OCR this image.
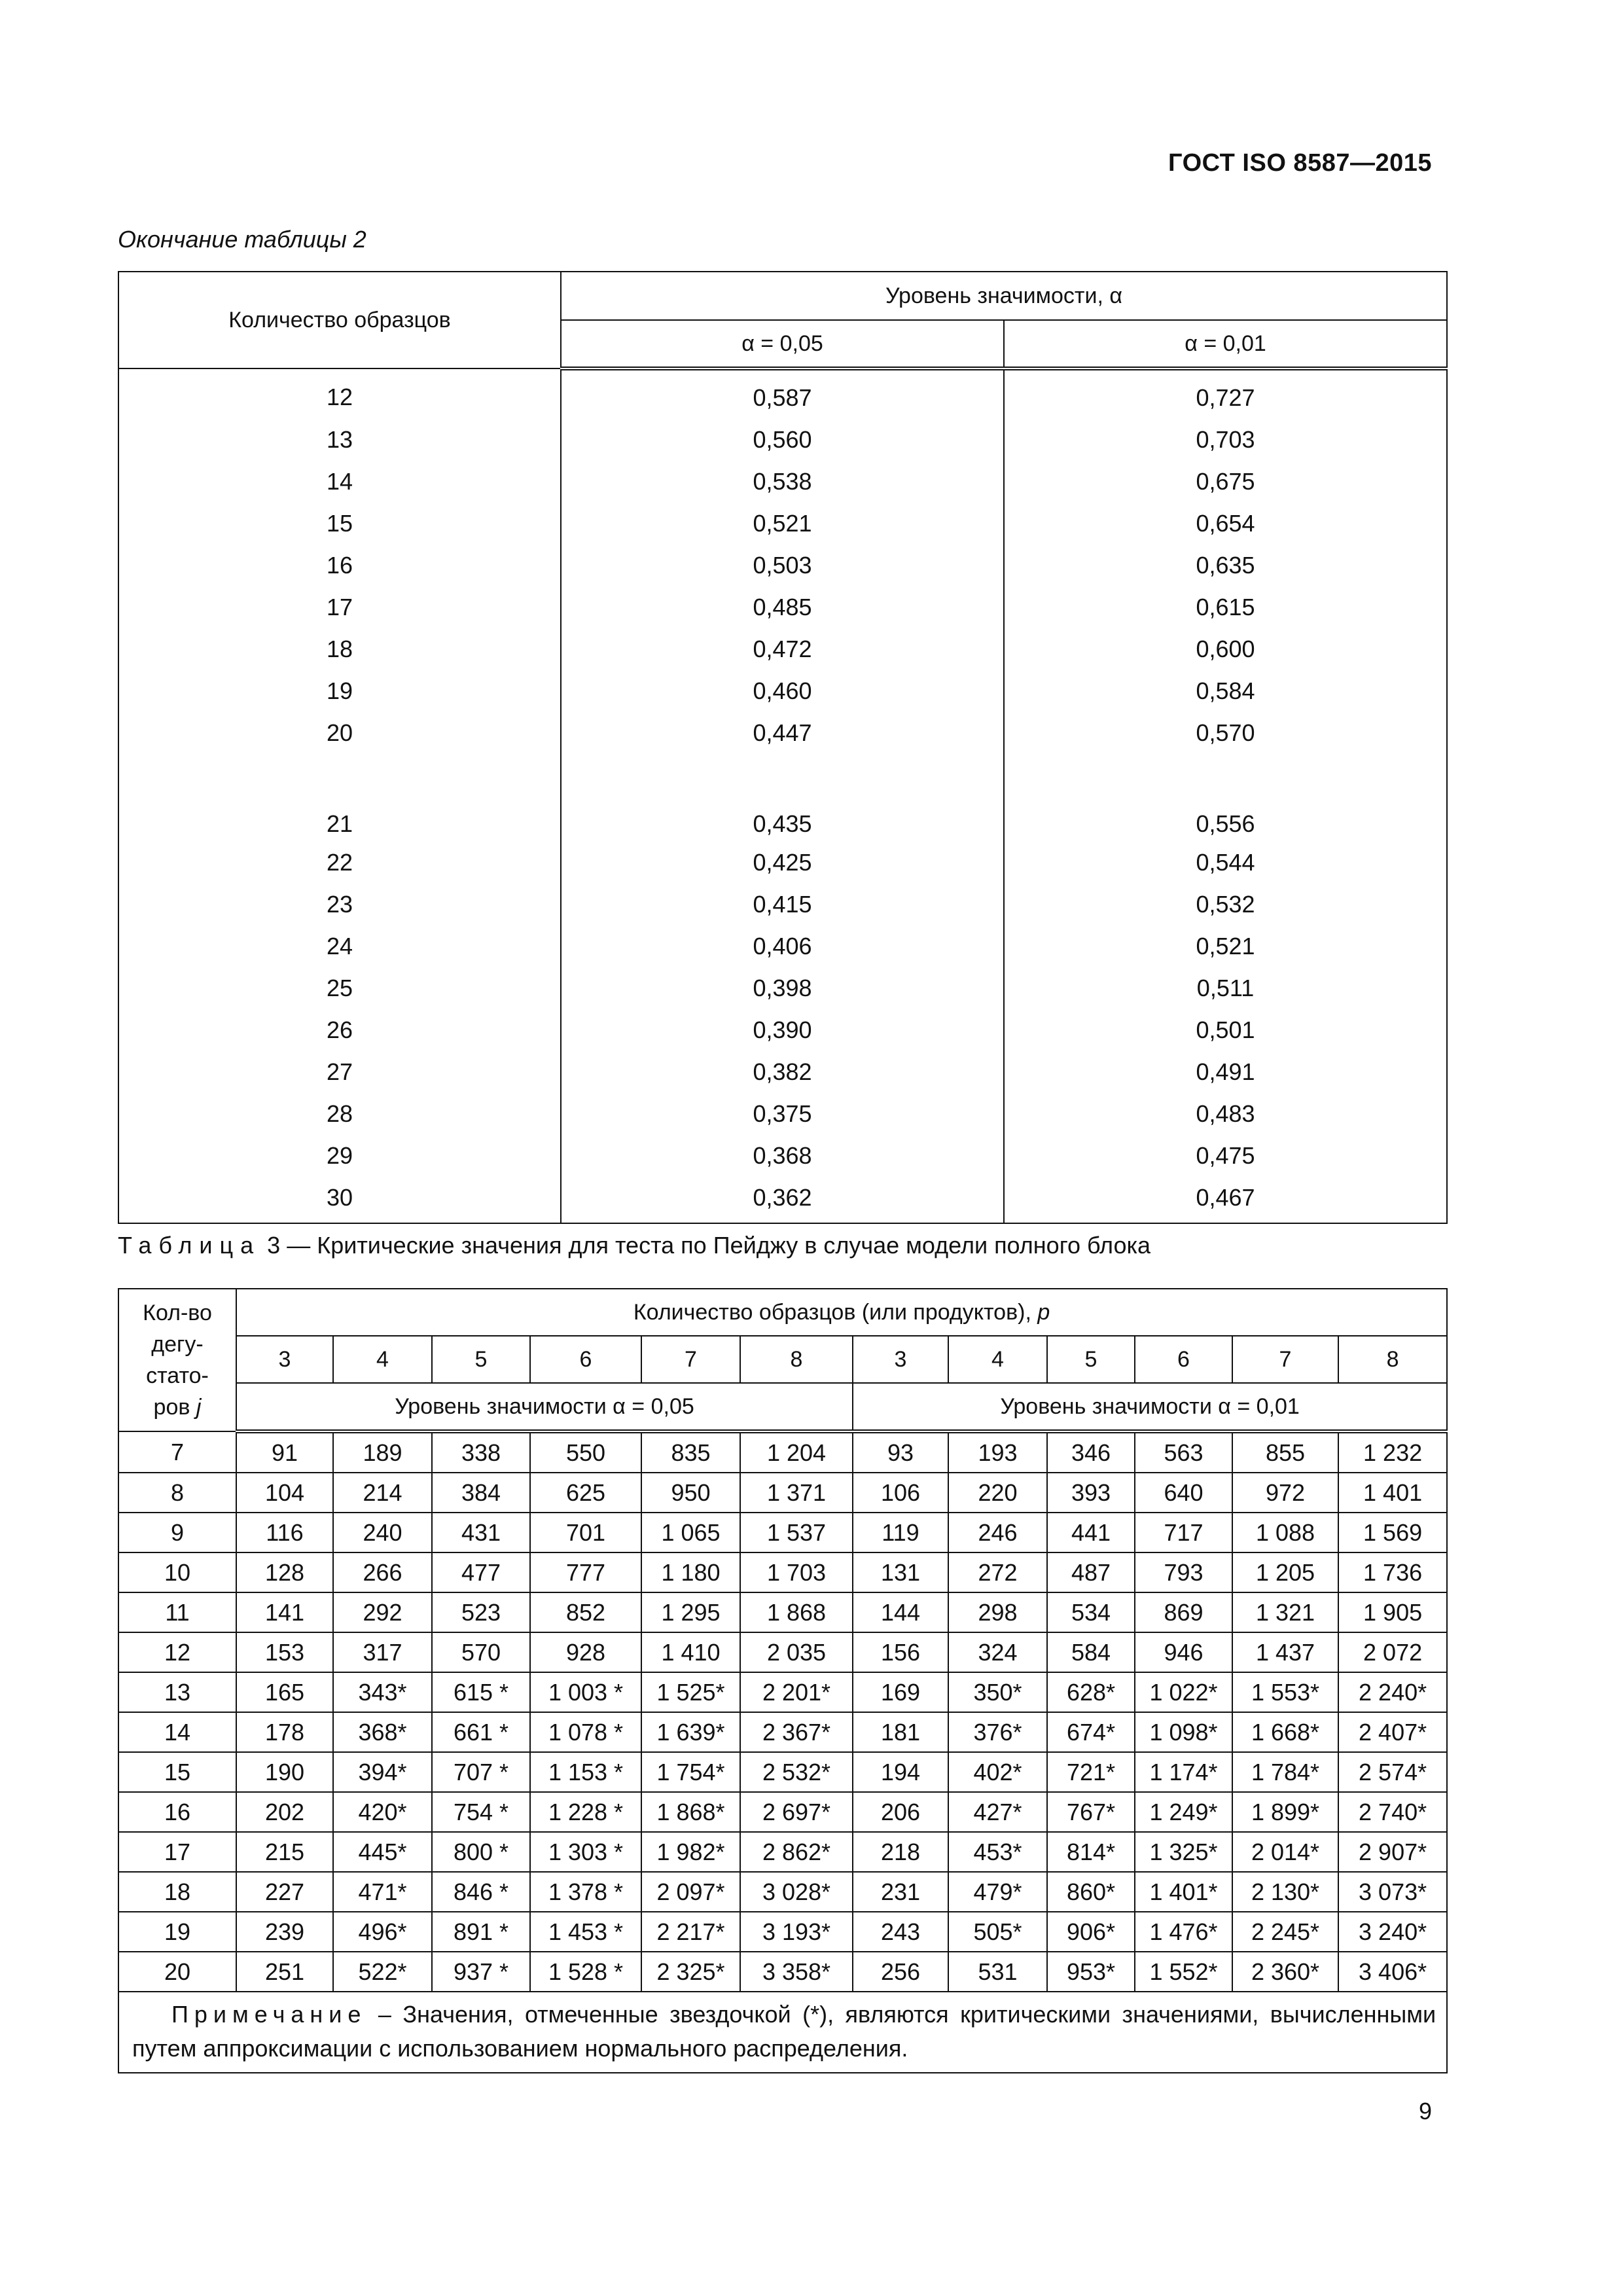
ГОСТ ISO 8587—2015
Окончание таблицы 2
Количество образцов	Уровень значимости, α	
	α = 0,05	α = 0,01
12	0,587	0,727
13	0,560	0,703
14	0,538	0,675
15	0,521	0,654
16	0,503	0,635
17	0,485	0,615
18	0,472	0,600
19	0,460	0,584
20	0,447	0,570
21	0,435	0,556
22	0,425	0,544
23	0,415	0,532
24	0,406	0,521
25	0,398	0,511
26	0,390	0,501
27	0,382	0,491
28	0,375	0,483
29	0,368	0,475
30	0,362	0,467
Таблица 3 — Критические значения для теста по Пейджу в случае модели полного блока
Кол-во
дегу-
стато-
ров j	Количество образцов (или продуктов), p											
	3	4	5	6	7	8	3	4	5	6	7	8
	Уровень значимости α = 0,05						Уровень значимости α = 0,01					
7	91	189	338	550	835	1 204	93	193	346	563	855	1 232
8	104	214	384	625	950	1 371	106	220	393	640	972	1 401
9	116	240	431	701	1 065	1 537	119	246	441	717	1 088	1 569
10	128	266	477	777	1 180	1 703	131	272	487	793	1 205	1 736
11	141	292	523	852	1 295	1 868	144	298	534	869	1 321	1 905
12	153	317	570	928	1 410	2 035	156	324	584	946	1 437	2 072
13	165	343*	615 *	1 003 *	1 525*	2 201*	169	350*	628*	1 022*	1 553*	2 240*
14	178	368*	661 *	1 078 *	1 639*	2 367*	181	376*	674*	1 098*	1 668*	2 407*
15	190	394*	707 *	1 153 *	1 754*	2 532*	194	402*	721*	1 174*	1 784*	2 574*
16	202	420*	754 *	1 228 *	1 868*	2 697*	206	427*	767*	1 249*	1 899*	2 740*
17	215	445*	800 *	1 303 *	1 982*	2 862*	218	453*	814*	1 325*	2 014*	2 907*
18	227	471*	846 *	1 378 *	2 097*	3 028*	231	479*	860*	1 401*	2 130*	3 073*
19	239	496*	891 *	1 453 *	2 217*	3 193*	243	505*	906*	1 476*	2 245*	3 240*
20	251	522*	937 *	1 528 *	2 325*	3 358*	256	531	953*	1 552*	2 360*	3 406*
Примечание – Значения, отмеченные звездочкой (*), являются критическими значениями, вычисленными путем аппроксимации с использованием нормального распределения.												
9
